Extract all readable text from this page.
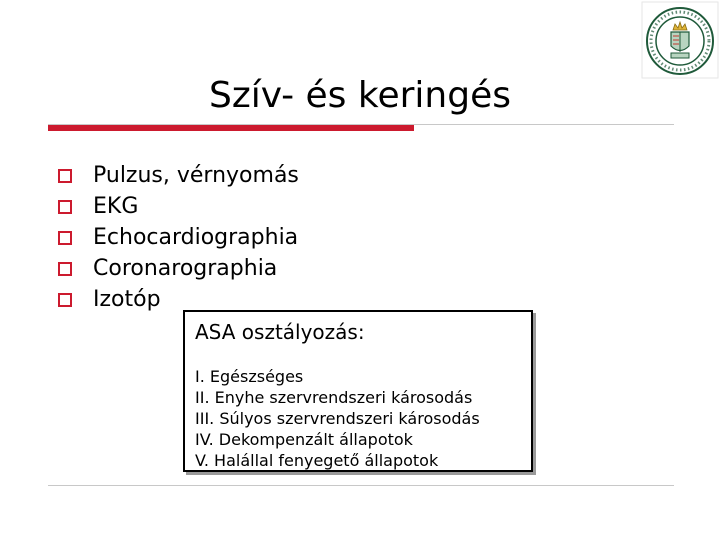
Szív- és keringés
Pulzus, vérnyomás
EKG
Echocardiographia
Coronarographia
Izotóp
ASA osztályozás:
I. Egészséges
II. Enyhe szervrendszeri károsodás
III. Súlyos szervrendszeri károsodás
IV. Dekompenzált állapotok
V. Halállal fenyegető állapotok
